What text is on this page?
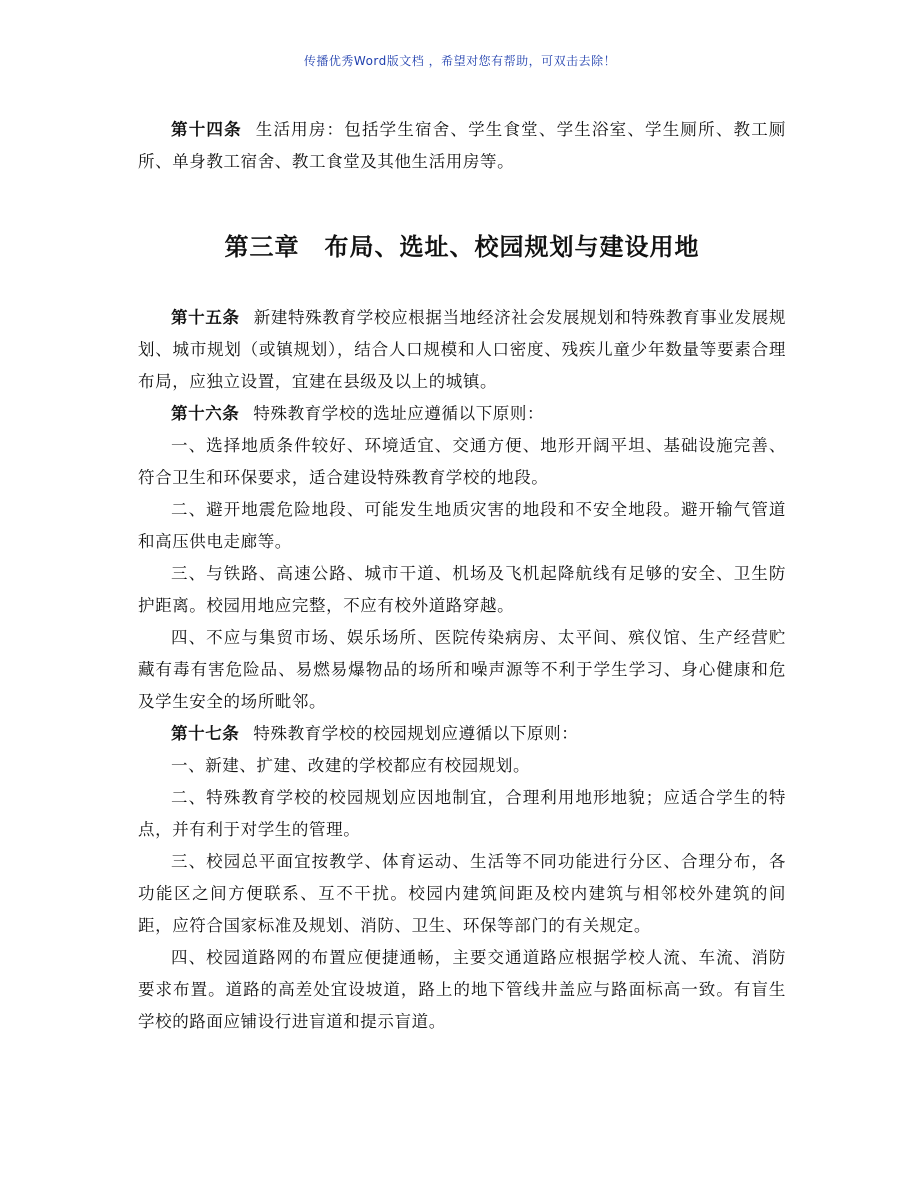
传播优秀Word版文档 ，希望对您有帮助，可双击去除！

第十四条 生活用房：包括学生宿舍、学生食堂、学生浴室、学生厕所、教工厕所、单身教工宿舍、教工食堂及其他生活用房等。

第三章　布局、选址、校园规划与建设用地

第十五条 新建特殊教育学校应根据当地经济社会发展规划和特殊教育事业发展规划、城市规划（或镇规划），结合人口规模和人口密度、残疾儿童少年数量等要素合理布局，应独立设置，宜建在县级及以上的城镇。

第十六条 特殊教育学校的选址应遵循以下原则：

一、选择地质条件较好、环境适宜、交通方便、地形开阔平坦、基础设施完善、符合卫生和环保要求，适合建设特殊教育学校的地段。

二、避开地震危险地段、可能发生地质灾害的地段和不安全地段。避开输气管道和高压供电走廊等。

三、与铁路、高速公路、城市干道、机场及飞机起降航线有足够的安全、卫生防护距离。校园用地应完整，不应有校外道路穿越。

四、不应与集贸市场、娱乐场所、医院传染病房、太平间、殡仪馆、生产经营贮藏有毒有害危险品、易燃易爆物品的场所和噪声源等不利于学生学习、身心健康和危及学生安全的场所毗邻。

第十七条 特殊教育学校的校园规划应遵循以下原则：

一、新建、扩建、改建的学校都应有校园规划。

二、特殊教育学校的校园规划应因地制宜，合理利用地形地貌；应适合学生的特点，并有利于对学生的管理。

三、校园总平面宜按教学、体育运动、生活等不同功能进行分区、合理分布，各功能区之间方便联系、互不干扰。校园内建筑间距及校内建筑与相邻校外建筑的间距，应符合国家标准及规划、消防、卫生、环保等部门的有关规定。

四、校园道路网的布置应便捷通畅，主要交通道路应根据学校人流、车流、消防要求布置。道路的高差处宜设坡道，路上的地下管线井盖应与路面标高一致。有盲生学校的路面应铺设行进盲道和提示盲道。
